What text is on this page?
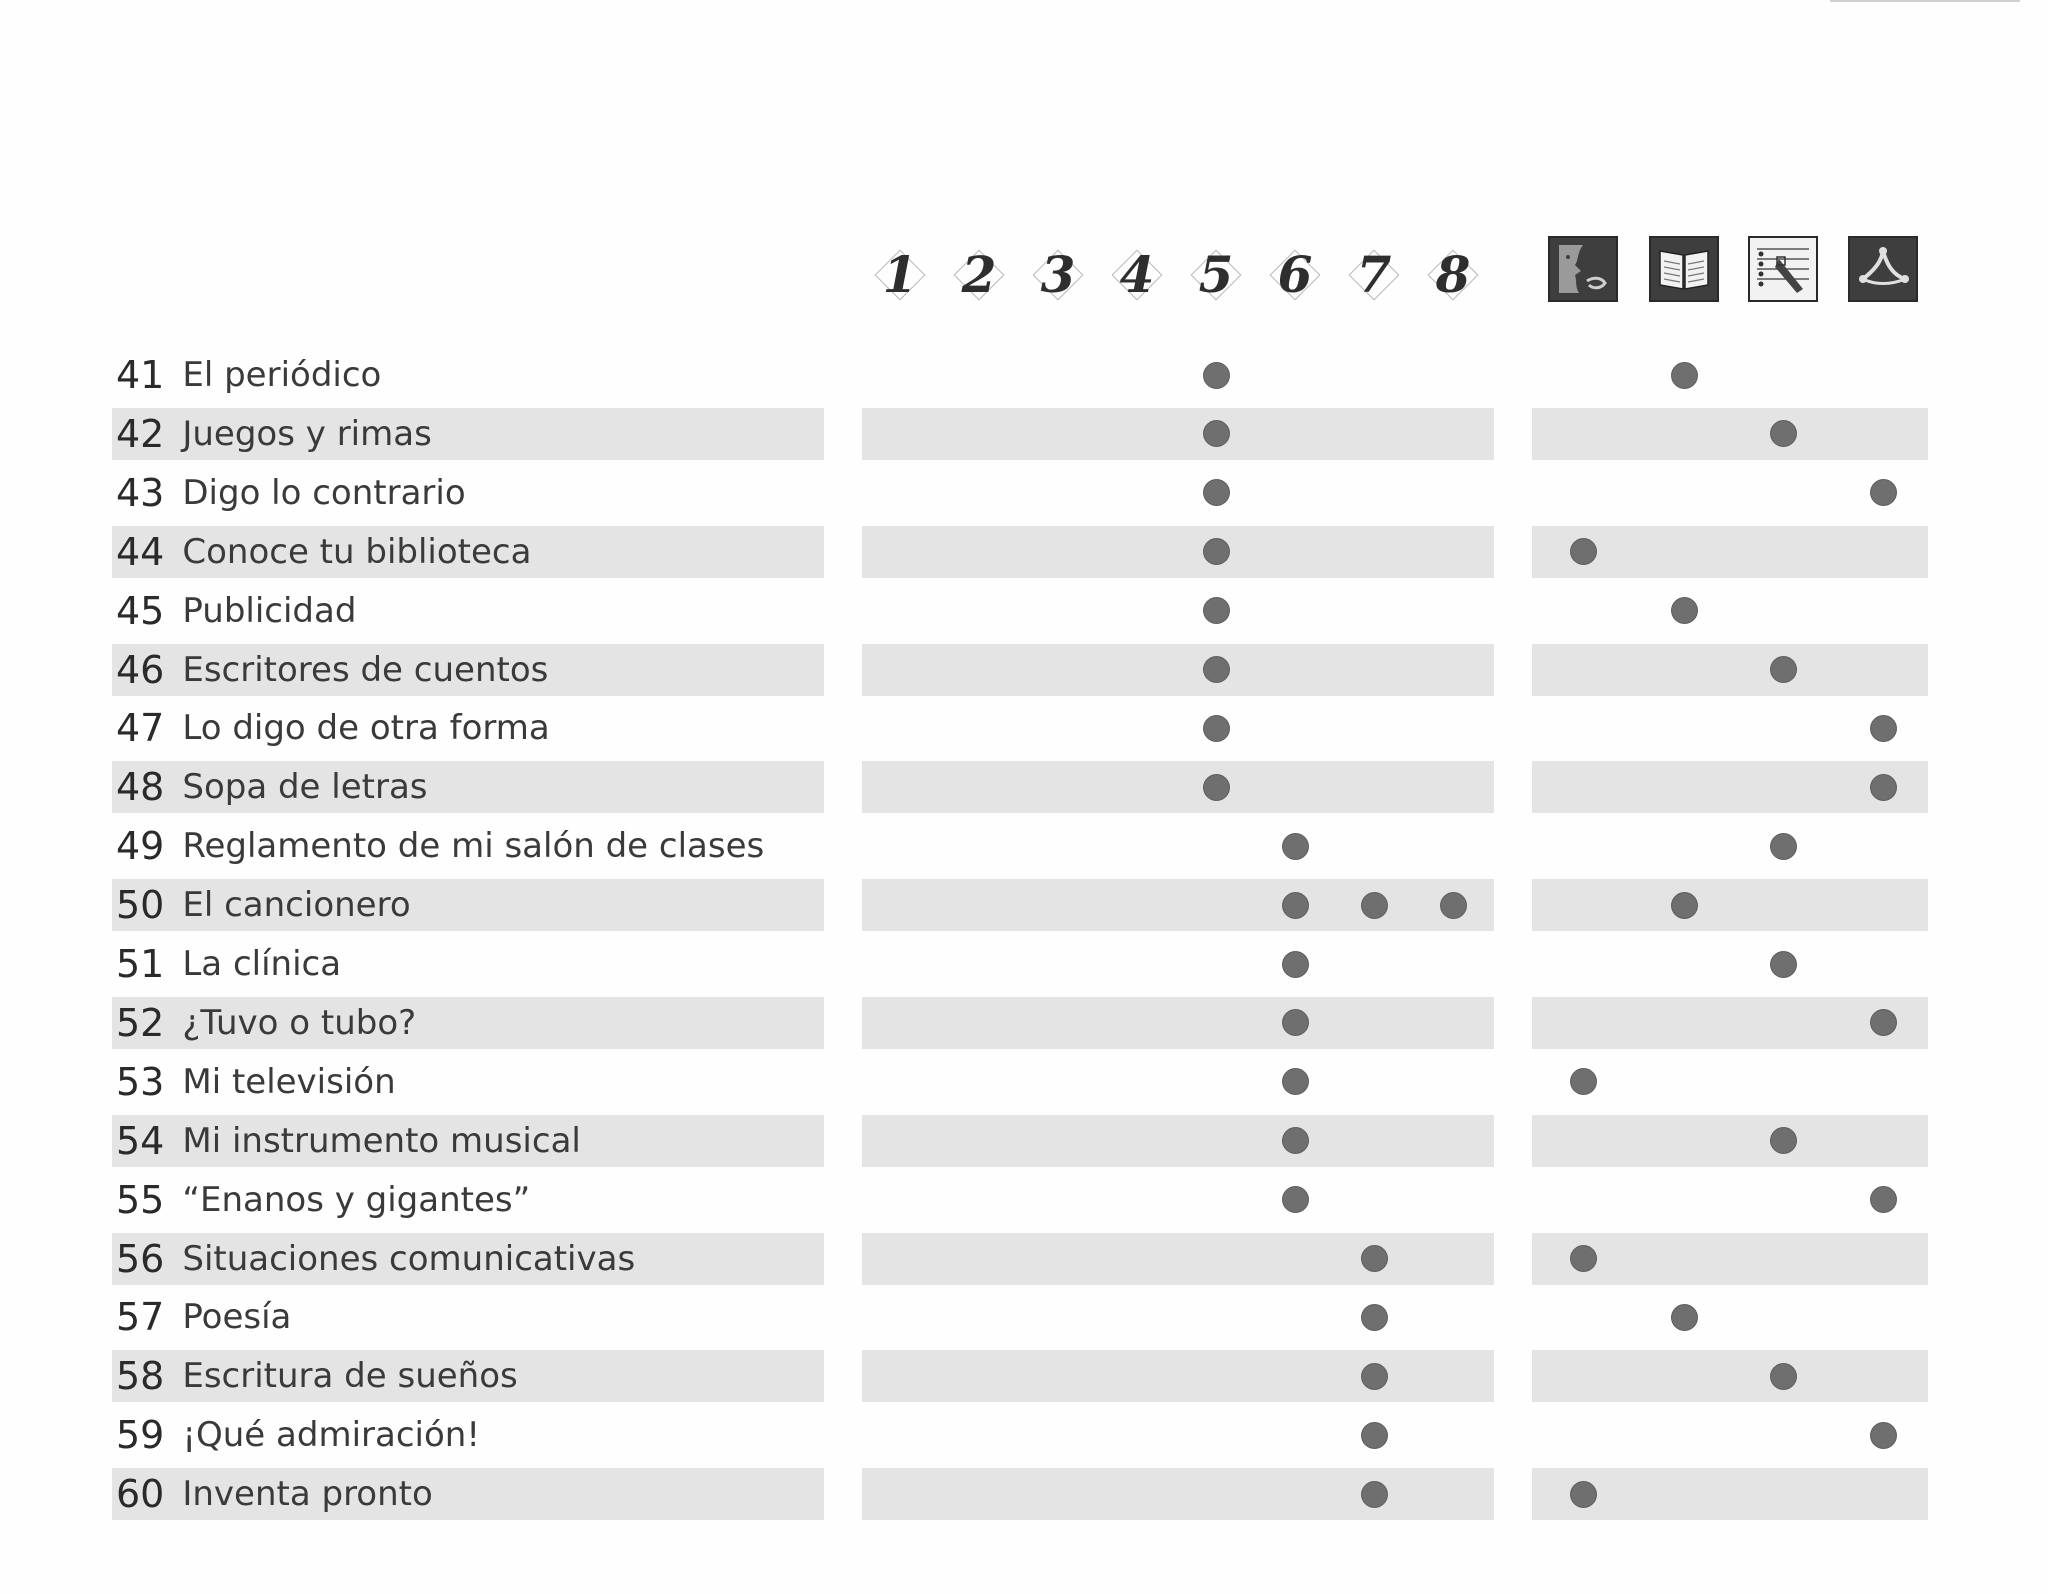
1 2 3 4 5 6 7 8
41 El periódico
42 Juegos y rimas
43 Digo lo contrario
44 Conoce tu biblioteca
45 Publicidad
46 Escritores de cuentos
47 Lo digo de otra forma
48 Sopa de letras
49 Reglamento de mi salón de clases
50 El cancionero
51 La clínica
52 ¿Tuvo o tubo?
53 Mi televisión
54 Mi instrumento musical
55 “Enanos y gigantes”
56 Situaciones comunicativas
57 Poesía
58 Escritura de sueños
59 ¡Qué admiración!
60 Inventa pronto
